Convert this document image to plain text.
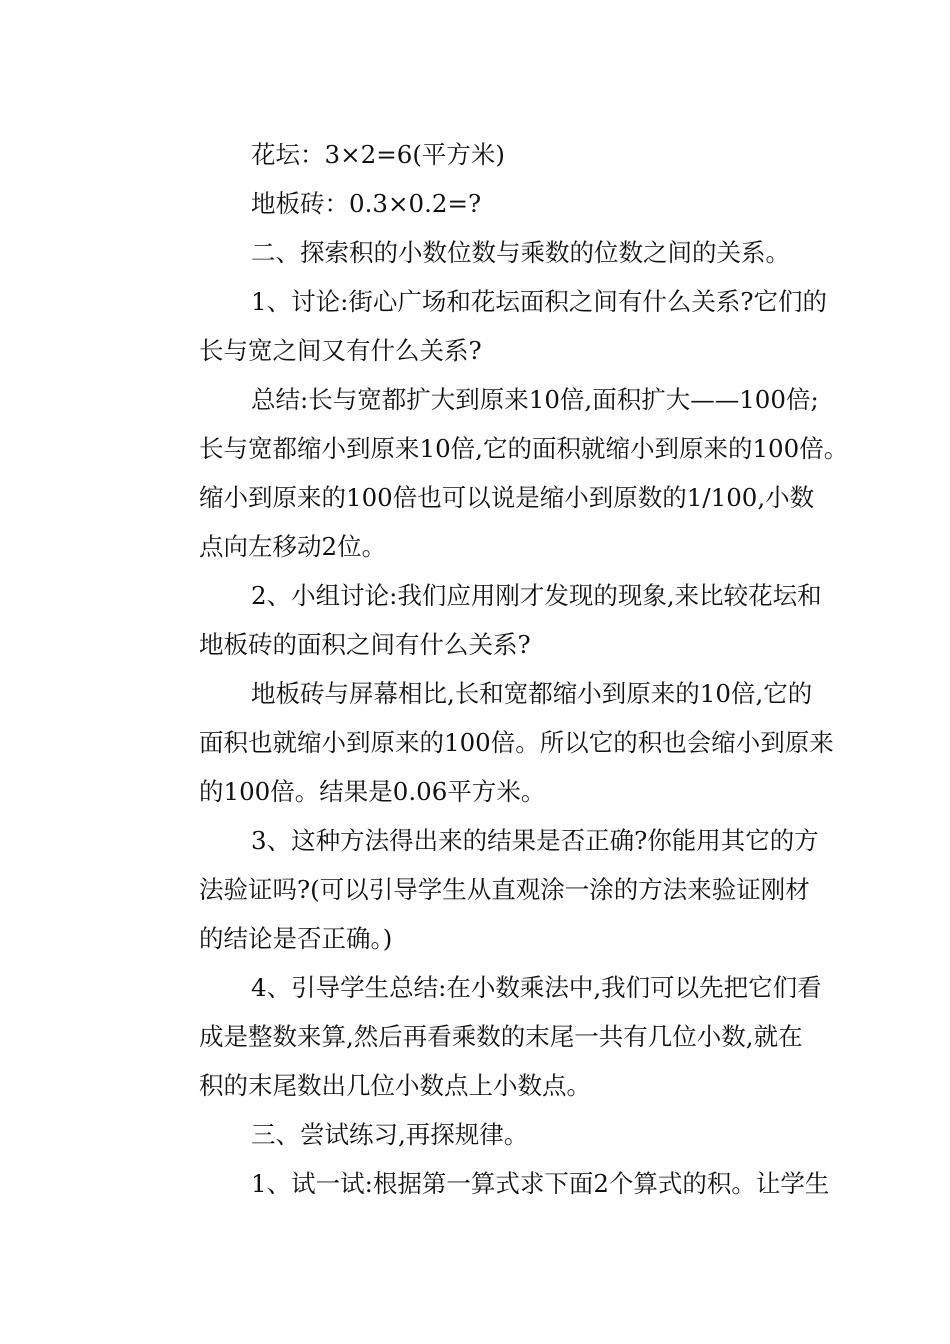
花坛：3×2=6(平方米)
地板砖：0.3×0.2=?
二、探索积的小数位数与乘数的位数之间的关系。
1、讨论:街心广场和花坛面积之间有什么关系?它们的
长与宽之间又有什么关系?
总结:长与宽都扩大到原来10倍,面积扩大——100倍;
长与宽都缩小到原来10倍,它的面积就缩小到原来的100倍。
缩小到原来的100倍也可以说是缩小到原数的1/100,小数
点向左移动2位。
2、小组讨论:我们应用刚才发现的现象,来比较花坛和
地板砖的面积之间有什么关系?
地板砖与屏幕相比,长和宽都缩小到原来的10倍,它的
面积也就缩小到原来的100倍。所以它的积也会缩小到原来
的100倍。结果是0.06平方米。
3、这种方法得出来的结果是否正确?你能用其它的方
法验证吗?(可以引导学生从直观涂一涂的方法来验证刚材
的结论是否正确。)
4、引导学生总结:在小数乘法中,我们可以先把它们看
成是整数来算,然后再看乘数的末尾一共有几位小数,就在
积的末尾数出几位小数点上小数点。
三、尝试练习,再探规律。
1、试一试:根据第一算式求下面2个算式的积。让学生
